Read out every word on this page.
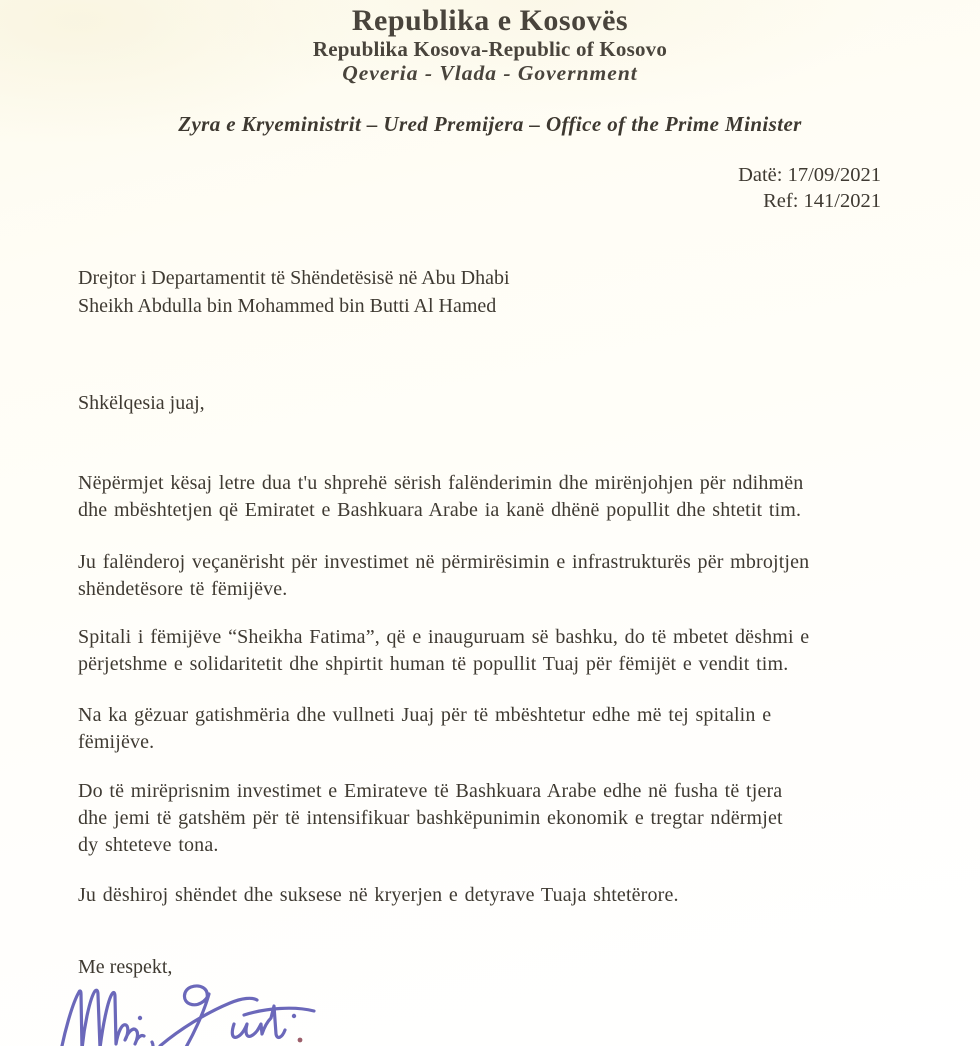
Republika e Kosovës
Republika Kosova-Republic of Kosovo
Qeveria - Vlada - Government
Zyra e Kryeministrit – Ured Premijera – Office of the Prime Minister
Datë: 17/09/2021
Ref: 141/2021
Drejtor i Departamentit të Shëndetësisë në Abu Dhabi
Sheikh Abdulla bin Mohammed bin Butti Al Hamed
Shkëlqesia juaj,
Nëpërmjet kësaj letre dua t'u shprehë sërish falënderimin dhe mirënjohjen për ndihmën
dhe mbështetjen që Emiratet e Bashkuara Arabe ia kanë dhënë popullit dhe shtetit tim.
Ju falënderoj veçanërisht për investimet në përmirësimin e infrastrukturës për mbrojtjen
shëndetësore të fëmijëve.
Spitali i fëmijëve “Sheikha Fatima”, që e inauguruam së bashku, do të mbetet dëshmi e
përjetshme e solidaritetit dhe shpirtit human të popullit Tuaj për fëmijët e vendit tim.
Na ka gëzuar gatishmëria dhe vullneti Juaj për të mbështetur edhe më tej spitalin e
fëmijëve.
Do të mirëprisnim investimet e Emirateve të Bashkuara Arabe edhe në fusha të tjera
dhe jemi të gatshëm për të intensifikuar bashkëpunimin ekonomik e tregtar ndërmjet
dy shteteve tona.
Ju dëshiroj shëndet dhe suksese në kryerjen e detyrave Tuaja shtetërore.
Me respekt,
